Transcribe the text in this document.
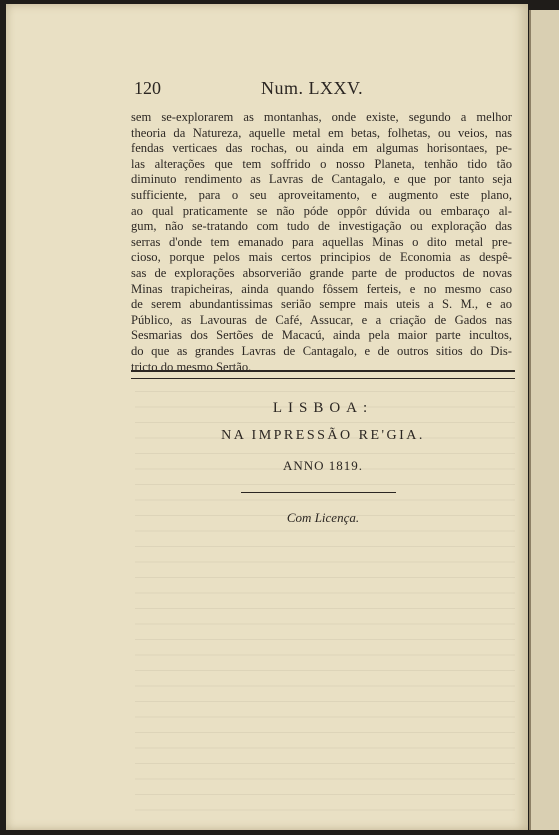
120	Num. LXXV.
sem se-explorarem as montanhas, onde existe, segundo a melhor
theoria da Natureza, aquelle metal em betas, folhetas, ou veios, nas
fendas verticaes das rochas, ou ainda em algumas horisontaes, pe-
las alterações que tem soffrido o nosso Planeta, tenhão tido tão
diminuto rendimento as Lavras de Cantagalo, e que por tanto seja
sufficiente, para o seu aproveitamento, e augmento este plano,
ao qual praticamente se não póde oppôr dúvida ou embaraço al-
gum, não se-tratando com tudo de investigação ou exploração das
serras d'onde tem emanado para aquellas Minas o dito metal pre-
cioso, porque pelos mais certos principios de Economia as despê-
sas de explorações absorverião grande parte de productos de novas
Minas trapicheiras, ainda quando fôssem ferteis, e no mesmo caso
de serem abundantissimas serião sempre mais uteis a S. M., e ao
Público, as Lavouras de Café, Assucar, e a criação de Gados nas
Sesmarias dos Sertões de Macacú, ainda pela maior parte incultos,
do que as grandes Lavras de Cantagalo, e de outros sitios do Dis-
tricto do mesmo Sertão.
LISBOA:
NA IMPRESSÃO RE'GIA.
ANNO 1819.
Com Licença.
